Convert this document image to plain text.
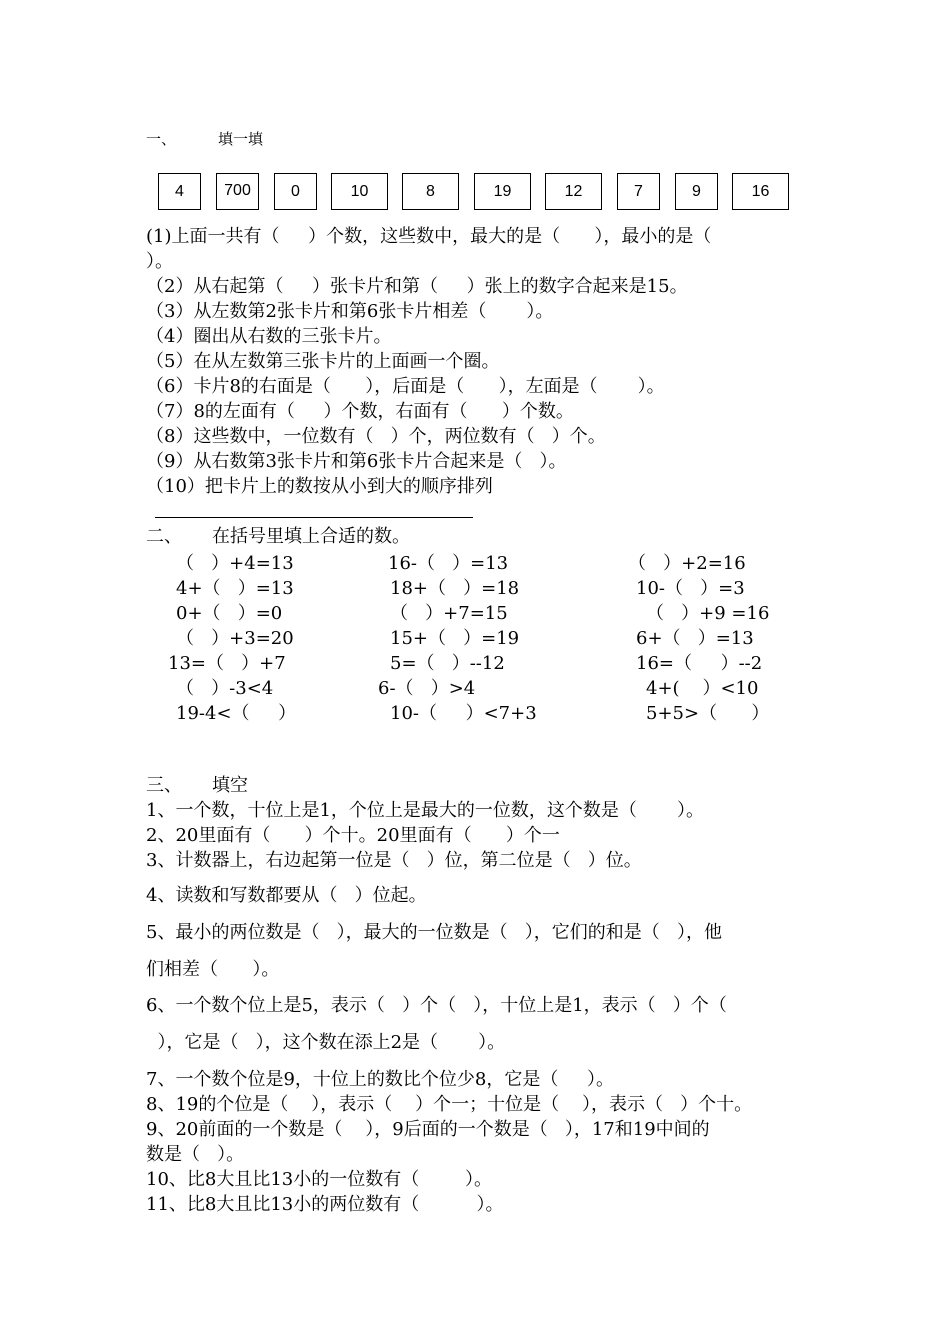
一、	填一填
4	700	0	10	8	19	12	7	9	16
(1)上面一共有（     ）个数，这些数中，最大的是（      ），最小的是（
）。
（2）从右起第（     ）张卡片和第（     ）张上的数字合起来是15。
（3）从左数第2张卡片和第6张卡片相差（       ）。
（4）圈出从右数的三张卡片。
（5）在从左数第三张卡片的上面画一个圈。
（6）卡片8的右面是（      ），后面是（      ），左面是（       ）。
（7）8的左面有（     ）个数，右面有（      ）个数。
（8）这些数中，一位数有（   ）个，两位数有（   ）个。
（9）从右数第3张卡片和第6张卡片合起来是（   ）。
（10）把卡片上的数按从小到大的顺序排列
二、 在括号里填上合适的数。
（   ）+4=13	16-（   ）=13	（   ）+2=16
4+（   ）=13	18+（   ）=18	10-（   ）=3
0+（   ）=0	（   ）+7=15	（   ）+9 =16
（   ）+3=20	15+（   ）=19	6+（   ）=13
13=（   ）+7	5=（   ）--12	16=（     ）--2
（   ）-3<4	6-（   ）>4	4+(    ）<10
19-4<（     ）	10-（     ）<7+3	5+5>（      ）
三、 填空
1、一个数，十位上是1，个位上是最大的一位数，这个数是（       ）。
2、20里面有（      ）个十。20里面有（      ）个一
3、计数器上，右边起第一位是（   ）位，第二位是（   ）位。
4、读数和写数都要从（   ）位起。
5、最小的两位数是（   ），最大的一位数是（   ），它们的和是（   ），他
们相差（      ）。
6、一个数个位上是5，表示（   ）个（   ），十位上是1，表示（   ）个（
），它是（   ），这个数在添上2是（       ）。
7、一个数个位是9，十位上的数比个位少8，它是（     ）。
8、19的个位是（    ），表示（    ）个一；十位是（    ），表示（   ）个十。
9、20前面的一个数是（    ），9后面的一个数是（   ），17和19中间的
数是（   ）。
10、比8大且比13小的一位数有（        ）。
11、比8大且比13小的两位数有（          ）。
